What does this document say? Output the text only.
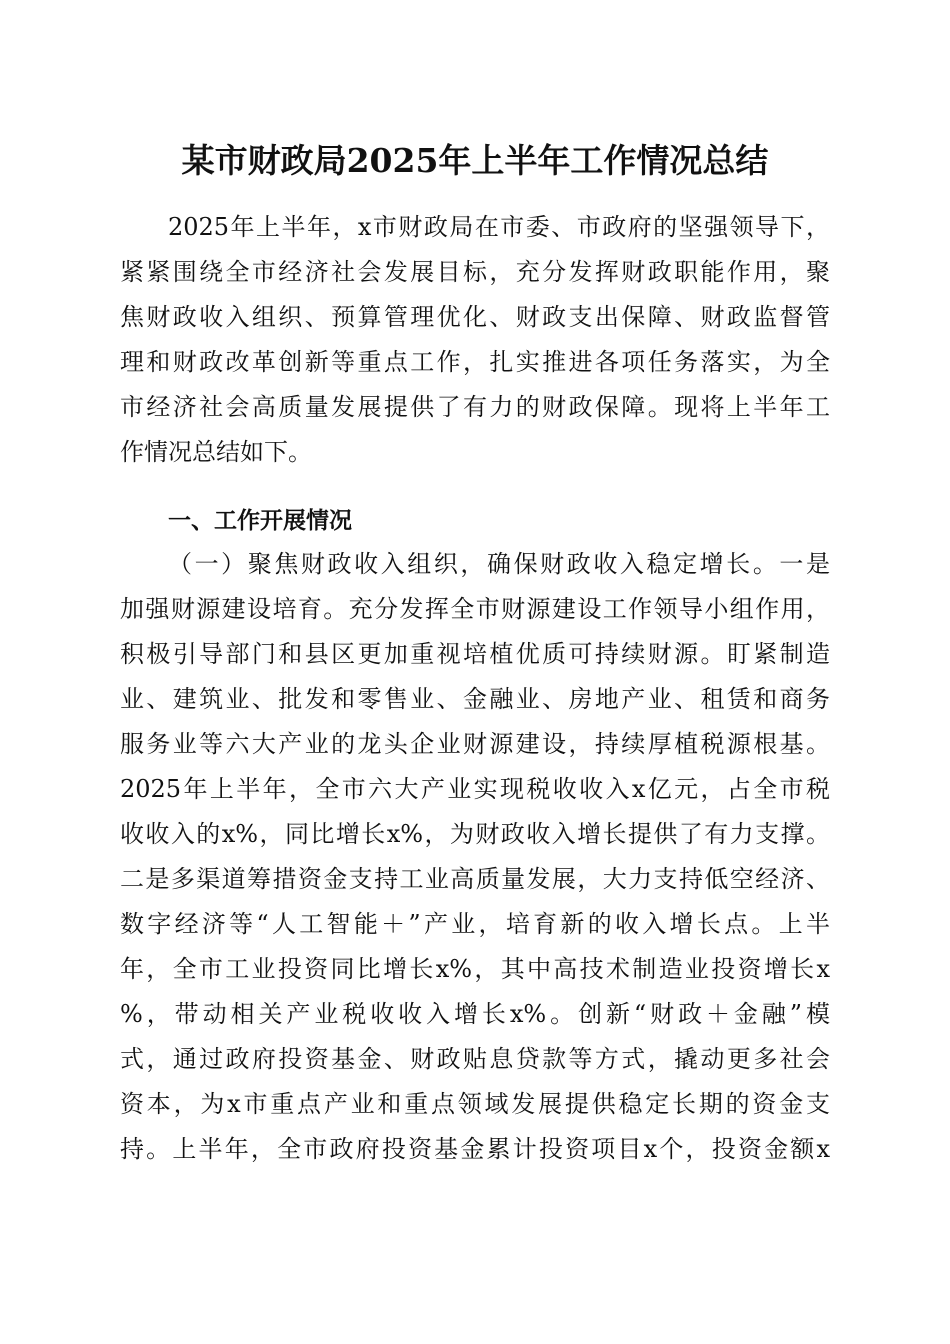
某市财政局2025年上半年工作情况总结
2025年上半年，x市财政局在市委、市政府的坚强领导下，
紧紧围绕全市经济社会发展目标，充分发挥财政职能作用，聚
焦财政收入组织、预算管理优化、财政支出保障、财政监督管
理和财政改革创新等重点工作，扎实推进各项任务落实，为全
市经济社会高质量发展提供了有力的财政保障。现将上半年工
作情况总结如下。
一、工作开展情况
（一）聚焦财政收入组织，确保财政收入稳定增长。一是
加强财源建设培育。充分发挥全市财源建设工作领导小组作用，
积极引导部门和县区更加重视培植优质可持续财源。盯紧制造
业、建筑业、批发和零售业、金融业、房地产业、租赁和商务
服务业等六大产业的龙头企业财源建设，持续厚植税源根基。
2025年上半年，全市六大产业实现税收收入x亿元，占全市税
收收入的x%，同比增长x%，为财政收入增长提供了有力支撑。
二是多渠道筹措资金支持工业高质量发展，大力支持低空经济、
数字经济等“人工智能＋”产业，培育新的收入增长点。上半
年，全市工业投资同比增长x%，其中高技术制造业投资增长x
%，带动相关产业税收收入增长x%。创新“财政＋金融”模
式，通过政府投资基金、财政贴息贷款等方式，撬动更多社会
资本，为x市重点产业和重点领域发展提供稳定长期的资金支
持。上半年，全市政府投资基金累计投资项目x个，投资金额x
